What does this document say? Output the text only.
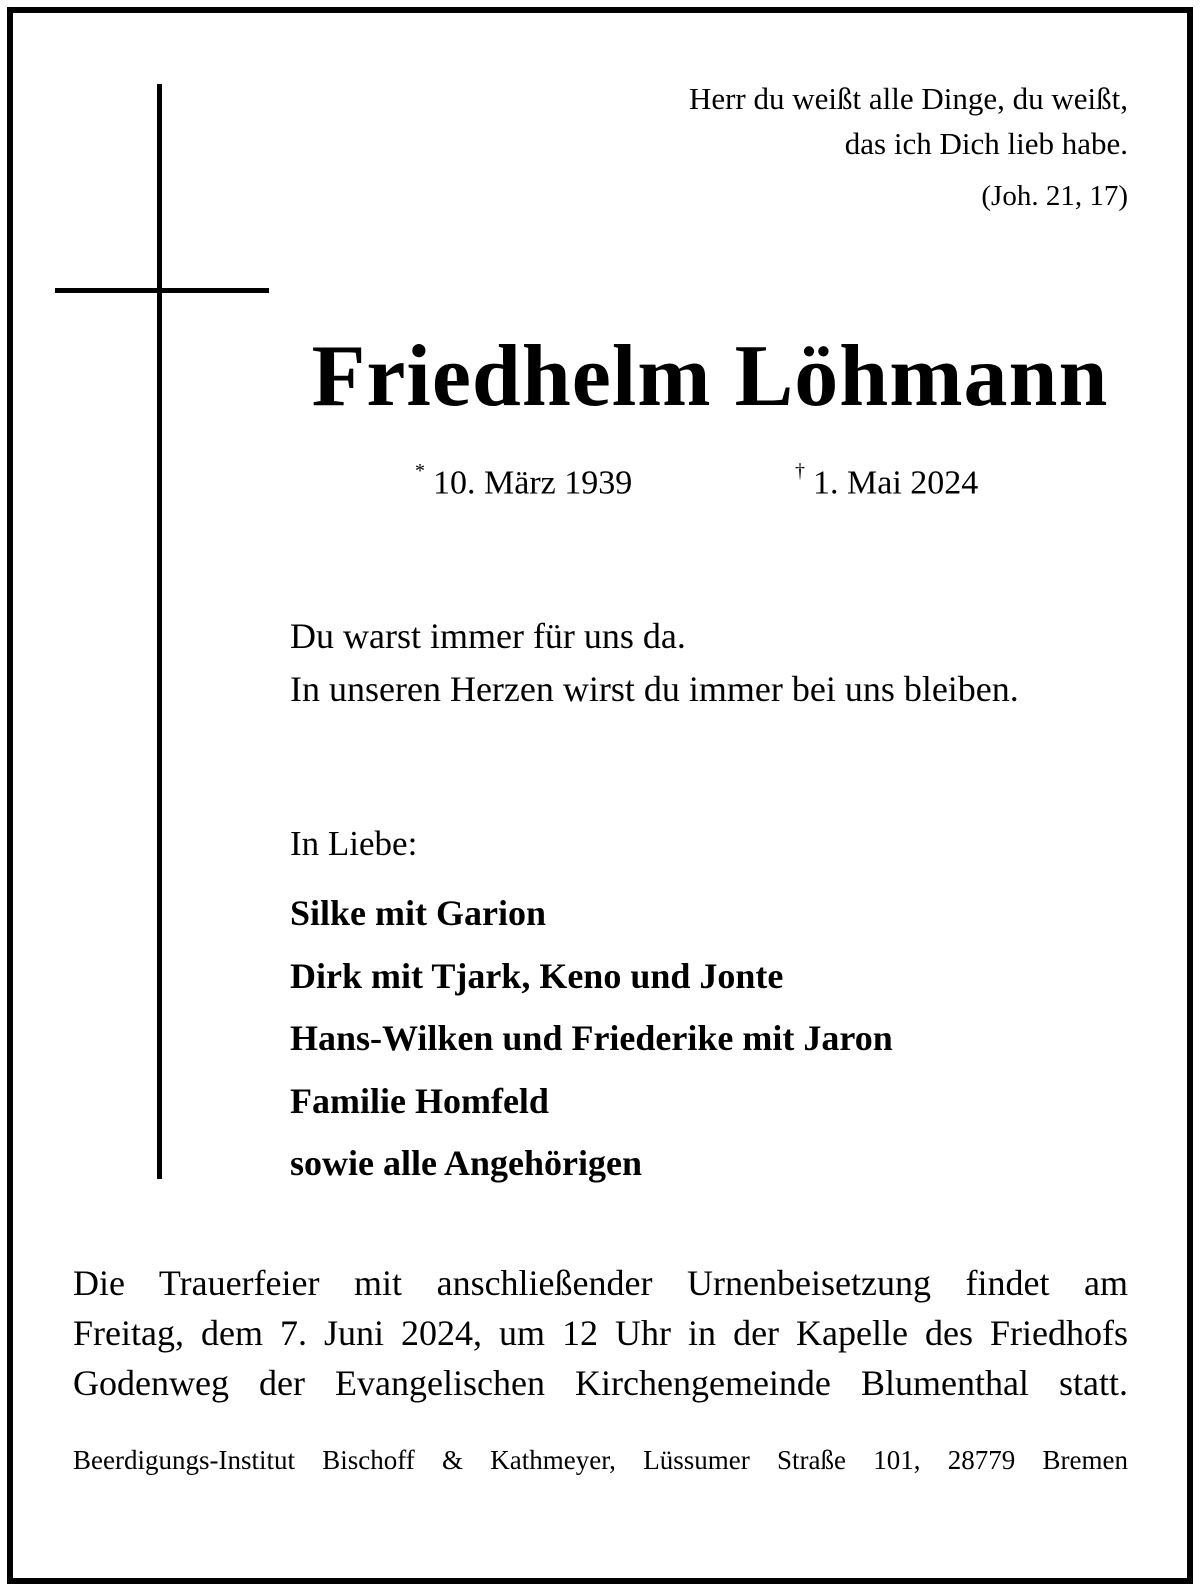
Herr du weißt alle Dinge, du weißt,
das ich Dich lieb habe.
(Joh. 21, 17)
Friedhelm Löhmann
* 10. März 1939	† 1. Mai 2024
Du warst immer für uns da.
In unseren Herzen wirst du immer bei uns bleiben.
In Liebe:
Silke mit Garion
Dirk mit Tjark, Keno und Jonte
Hans-Wilken und Friederike mit Jaron
Familie Homfeld
sowie alle Angehörigen
Die Trauerfeier mit anschließender Urnenbeisetzung findet am
Freitag, dem 7. Juni 2024, um 12 Uhr in der Kapelle des Friedhofs
Godenweg der Evangelischen Kirchengemeinde Blumenthal statt.
Beerdigungs-Institut Bischoff & Kathmeyer, Lüssumer Straße 101, 28779 Bremen
